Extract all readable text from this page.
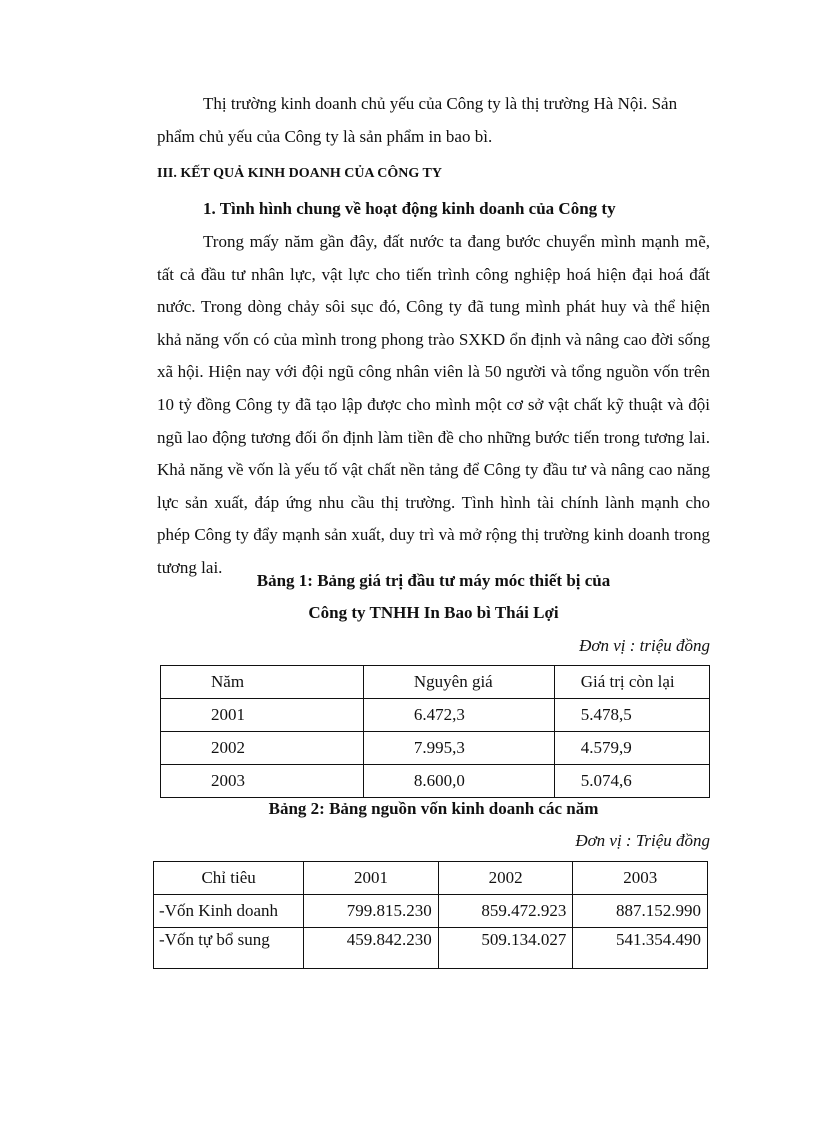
Thị trường kinh doanh chủ yếu của Công ty là thị trường Hà Nội. Sản
phẩm chủ yếu của Công ty là sản phẩm in bao bì.

III. KẾT QUẢ KINH DOANH CỦA CÔNG TY

1. Tình hình chung về hoạt động kinh doanh của Công ty

Trong mấy năm gần đây, đất nước ta đang bước chuyển mình mạnh mẽ, tất cả đầu tư nhân lực, vật lực cho tiến trình công nghiệp hoá hiện đại hoá đất nước. Trong dòng chảy sôi sục đó, Công ty đã tung mình phát huy và thể hiện khả năng vốn có của mình trong phong trào SXKD ổn định và nâng cao đời sống xã hội. Hiện nay với đội ngũ công nhân viên là 50 người và tổng nguồn vốn trên 10 tỷ đồng Công ty đã tạo lập được cho mình một cơ sở vật chất kỹ thuật và đội ngũ lao động tương đối ổn định làm tiền đề cho những bước tiến trong tương lai. Khả năng về vốn là yếu tố vật chất nền tảng để Công ty đầu tư và nâng cao năng lực sản xuất, đáp ứng nhu cầu thị trường. Tình hình tài chính lành mạnh cho phép Công ty đẩy mạnh sản xuất, duy trì và mở rộng thị trường kinh doanh trong tương lai.

Bảng 1: Bảng giá trị đầu tư máy móc thiết bị của

Công ty TNHH In Bao bì Thái Lợi

Đơn vị : triệu đồng

Năm	Nguyên giá	Giá trị còn lại
2001	6.472,3	5.478,5
2002	7.995,3	4.579,9
2003	8.600,0	5.074,6

Bảng 2: Bảng nguồn vốn kinh doanh các năm

Đơn vị : Triệu đồng

Chỉ tiêu	2001	2002	2003
-Vốn Kinh doanh	799.815.230	859.472.923	887.152.990
-Vốn tự bổ sung	459.842.230	509.134.027	541.354.490
